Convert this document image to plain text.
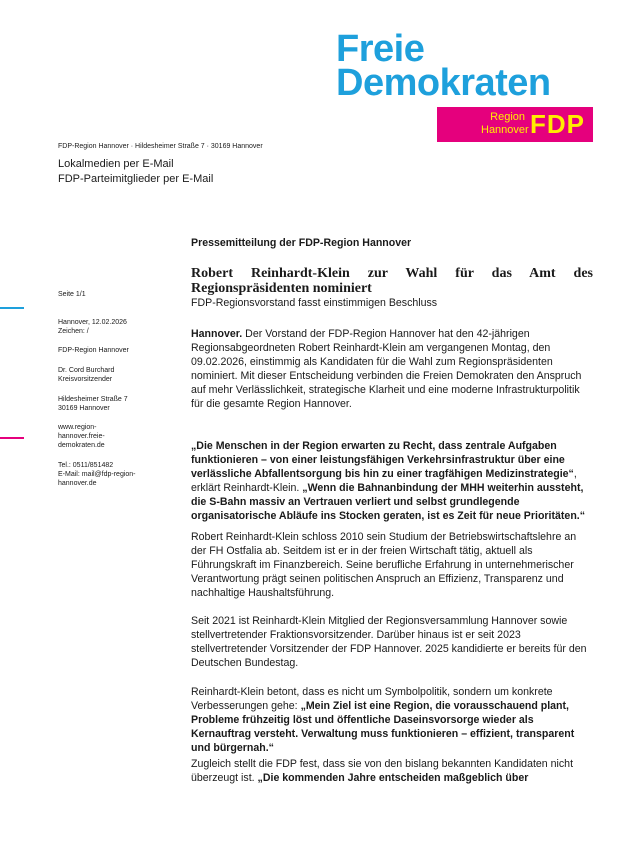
Freie
Demokraten
Region
Hannover FDP
FDP-Region Hannover · Hildesheimer Straße 7 · 30169 Hannover
Lokalmedien per E-Mail
FDP-Parteimitglieder per E-Mail
Seite 1/1
Hannover, 12.02.2026
Zeichen: /
FDP-Region Hannover
Dr. Cord Burchard
Kreisvorsitzender
Hildesheimer Straße 7
30169 Hannover
www.region-
hannover.freie-
demokraten.de
Tel.: 0511/851482
E-Mail: mail@fdp-region-
hannover.de
Pressemitteilung der FDP-Region Hannover
Robert Reinhardt-Klein zur Wahl für das Amt des Regionspräsidenten nominiert
FDP-Regionsvorstand fasst einstimmigen Beschluss

Hannover. Der Vorstand der FDP-Region Hannover hat den 42-jährigen Regionsabgeordneten Robert Reinhardt-Klein am vergangenen Montag, den 09.02.2026, einstimmig als Kandidaten für die Wahl zum Regionspräsidenten nominiert. Mit dieser Entscheidung verbinden die Freien Demokraten den Anspruch auf mehr Verlässlichkeit, strategische Klarheit und eine moderne Infrastrukturpolitik für die gesamte Region Hannover.

„Die Menschen in der Region erwarten zu Recht, dass zentrale Aufgaben funktionieren – von einer leistungsfähigen Verkehrsinfrastruktur über eine verlässliche Abfallentsorgung bis hin zu einer tragfähigen Medizinstrategie“, erklärt Reinhardt-Klein. „Wenn die Bahnanbindung der MHH weiterhin aussteht, die S-Bahn massiv an Vertrauen verliert und selbst grundlegende organisatorische Abläufe ins Stocken geraten, ist es Zeit für neue Prioritäten.“

Robert Reinhardt-Klein schloss 2010 sein Studium der Betriebswirtschaftslehre an der FH Ostfalia ab. Seitdem ist er in der freien Wirtschaft tätig, aktuell als Führungskraft im Finanzbereich. Seine berufliche Erfahrung in unternehmerischer Verantwortung prägt seinen politischen Anspruch an Effizienz, Transparenz und nachhaltige Haushaltsführung.

Seit 2021 ist Reinhardt-Klein Mitglied der Regionsversammlung Hannover sowie stellvertretender Fraktionsvorsitzender. Darüber hinaus ist er seit 2023 stellvertretender Vorsitzender der FDP Hannover. 2025 kandidierte er bereits für den Deutschen Bundestag.

Reinhardt-Klein betont, dass es nicht um Symbolpolitik, sondern um konkrete Verbesserungen gehe: „Mein Ziel ist eine Region, die vorausschauend plant, Probleme frühzeitig löst und öffentliche Daseinsvorsorge wieder als Kernauftrag versteht. Verwaltung muss funktionieren – effizient, transparent und bürgernah.“

Zugleich stellt die FDP fest, dass sie von den bislang bekannten Kandidaten nicht überzeugt ist. „Die kommenden Jahre entscheiden maßgeblich über
